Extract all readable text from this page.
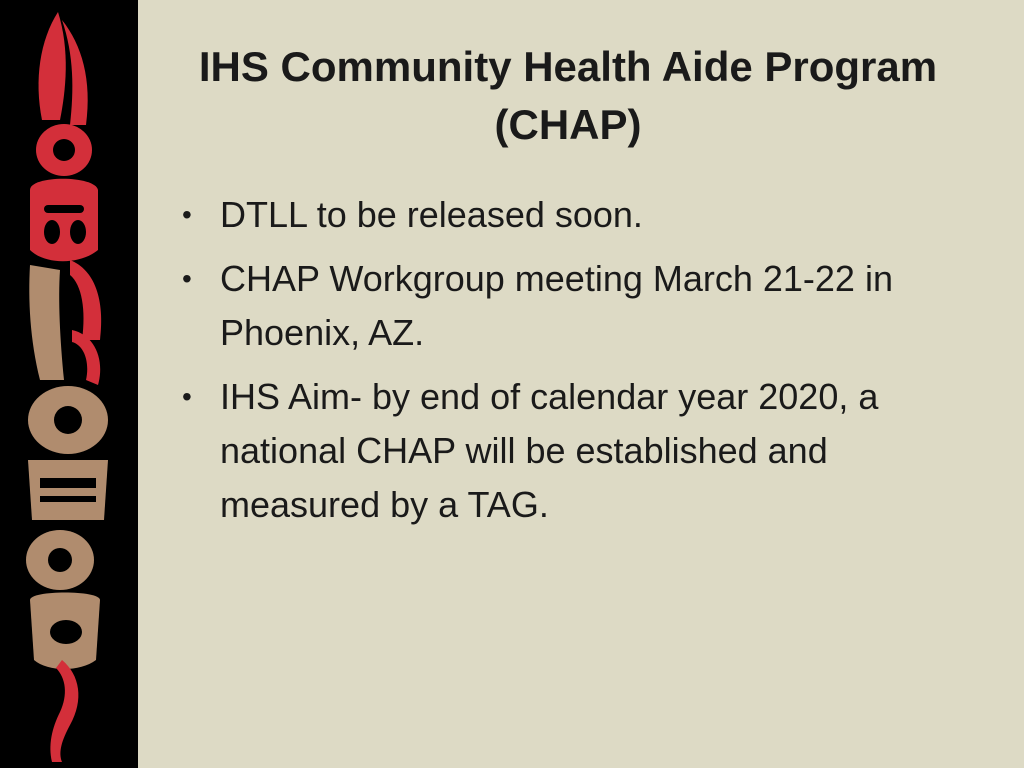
IHS Community Health Aide Program
(CHAP)
• DTLL to be released soon.
• CHAP Workgroup meeting March 21-22 in Phoenix, AZ.
• IHS Aim- by end of calendar year 2020, a national CHAP will be established and measured by a TAG.
